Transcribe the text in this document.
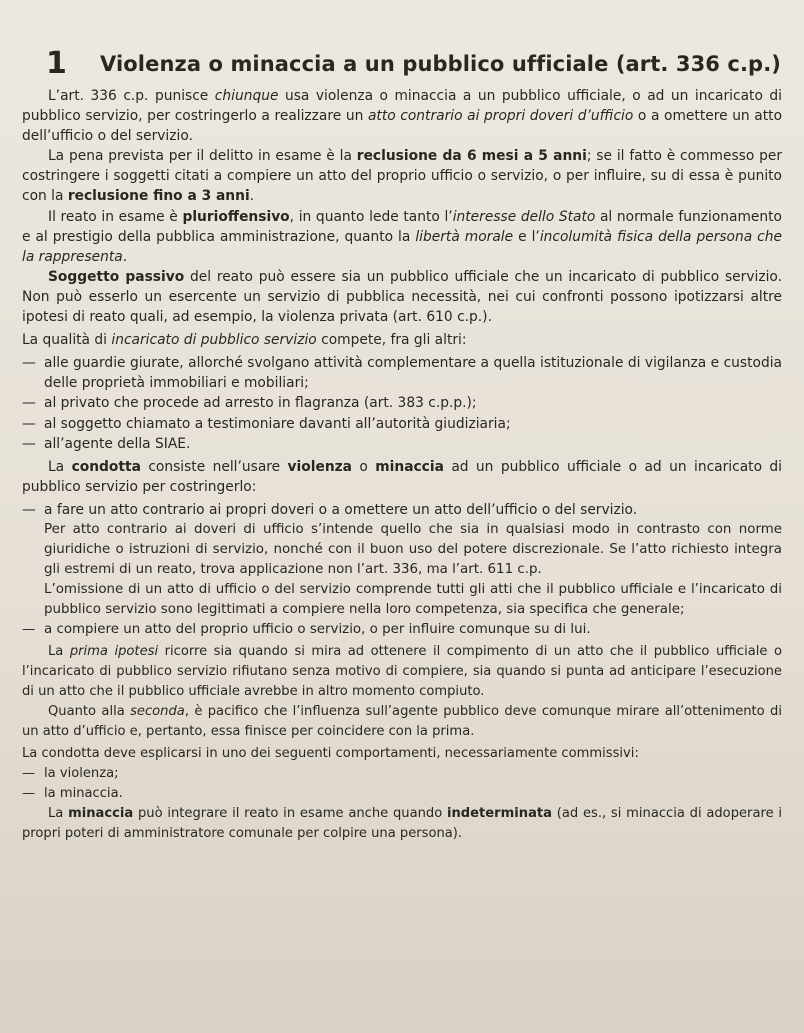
1 Violenza o minaccia a un pubblico ufficiale (art. 336 c.p.)

L’art. 336 c.p. punisce chiunque usa violenza o minaccia a un pubblico ufficiale, o ad un incaricato di pubblico servizio, per costringerlo a realizzare un atto contrario ai propri doveri d’ufficio o a omettere un atto dell’ufficio o del servizio.

La pena prevista per il delitto in esame è la reclusione da 6 mesi a 5 anni; se il fatto è commesso per costringere i soggetti citati a compiere un atto del proprio ufficio o servizio, o per influire, su di essa è punito con la reclusione fino a 3 anni.

Il reato in esame è plurioffensivo, in quanto lede tanto l’interesse dello Stato al normale funzionamento e al prestigio della pubblica amministrazione, quanto la libertà morale e l’incolumità fisica della persona che la rappresenta.

Soggetto passivo del reato può essere sia un pubblico ufficiale che un incaricato di pubblico servizio. Non può esserlo un esercente un servizio di pubblica necessità, nei cui confronti possono ipotizzarsi altre ipotesi di reato quali, ad esempio, la violenza privata (art. 610 c.p.).

La qualità di incaricato di pubblico servizio compete, fra gli altri:

— alle guardie giurate, allorché svolgano attività complementare a quella istituzionale di vigilanza e custodia delle proprietà immobiliari e mobiliari;
— al privato che procede ad arresto in flagranza (art. 383 c.p.p.);
— al soggetto chiamato a testimoniare davanti all’autorità giudiziaria;
— all’agente della SIAE.

La condotta consiste nell’usare violenza o minaccia ad un pubblico ufficiale o ad un incaricato di pubblico servizio per costringerlo:

— a fare un atto contrario ai propri doveri o a omettere un atto dell’ufficio o del servizio.

Per atto contrario ai doveri di ufficio s’intende quello che sia in qualsiasi modo in contrasto con norme giuridiche o istruzioni di servizio, nonché con il buon uso del potere discrezionale. Se l’atto richiesto integra gli estremi di un reato, trova applicazione non l’art. 336, ma l’art. 611 c.p.

L’omissione di un atto di ufficio o del servizio comprende tutti gli atti che il pubblico ufficiale e l’incaricato di pubblico servizio sono legittimati a compiere nella loro competenza, sia specifica che generale;

— a compiere un atto del proprio ufficio o servizio, o per influire comunque su di lui.

La prima ipotesi ricorre sia quando si mira ad ottenere il compimento di un atto che il pubblico ufficiale o l’incaricato di pubblico servizio rifiutano senza motivo di compiere, sia quando si punta ad anticipare l’esecuzione di un atto che il pubblico ufficiale avrebbe in altro momento compiuto.

Quanto alla seconda, è pacifico che l’influenza sull’agente pubblico deve comunque mirare all’ottenimento di un atto d’ufficio e, pertanto, essa finisce per coincidere con la prima.

La condotta deve esplicarsi in uno dei seguenti comportamenti, necessariamente commissivi:

— la violenza;
— la minaccia.

La minaccia può integrare il reato in esame anche quando indeterminata (ad es., si minaccia di adoperare i propri poteri di amministratore comunale per colpire una persona).
